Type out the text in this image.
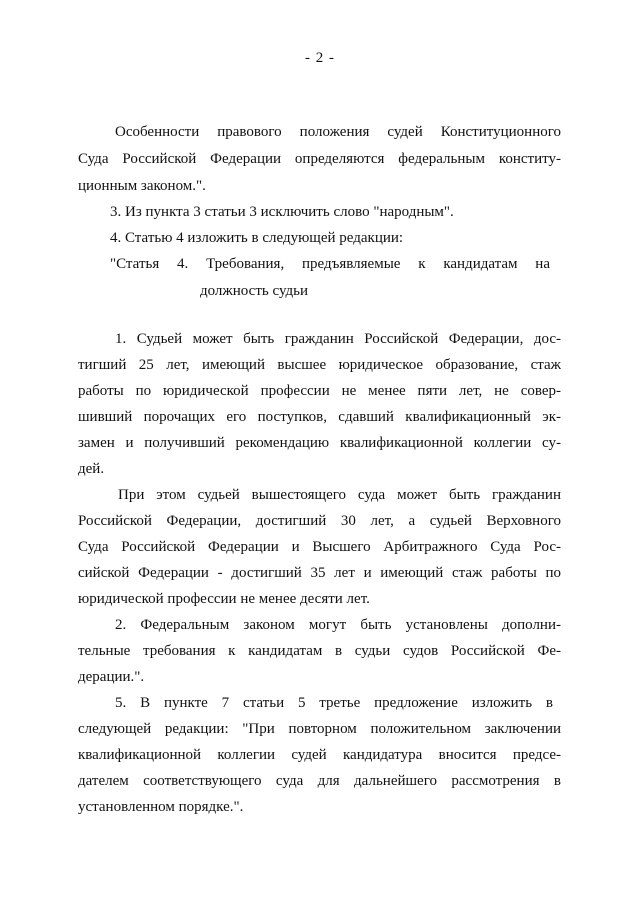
- 2 -
Особенности правового положения судей Конституционного
Суда Российской Федерации определяются федеральным конститу-
ционным законом.".
3. Из пункта 3 статьи 3 исключить слово "народным".
4. Статью 4 изложить в следующей редакции:
"Статья 4. Требования, предъявляемые к кандидатам на
должность судьи
1. Судьей может быть гражданин Российской Федерации, дос-
тигший 25 лет, имеющий высшее юридическое образование, стаж
работы по юридической профессии не менее пяти лет, не совер-
шивший порочащих его поступков, сдавший квалификационный эк-
замен и получивший рекомендацию квалификационной коллегии су-
дей.
При этом судьей вышестоящего суда может быть гражданин
Российской Федерации, достигший 30 лет, а судьей Верховного
Суда Российской Федерации и Высшего Арбитражного Суда Рос-
сийской Федерации - достигший 35 лет и имеющий стаж работы по
юридической профессии не менее десяти лет.
2. Федеральным законом могут быть установлены дополни-
тельные требования к кандидатам в судьи судов Российской Фе-
дерации.".
5. В пункте 7 статьи 5 третье предложение изложить в
следующей редакции: "При повторном положительном заключении
квалификационной коллегии судей кандидатура вносится предсе-
дателем соответствующего суда для дальнейшего рассмотрения в
установленном порядке.".
